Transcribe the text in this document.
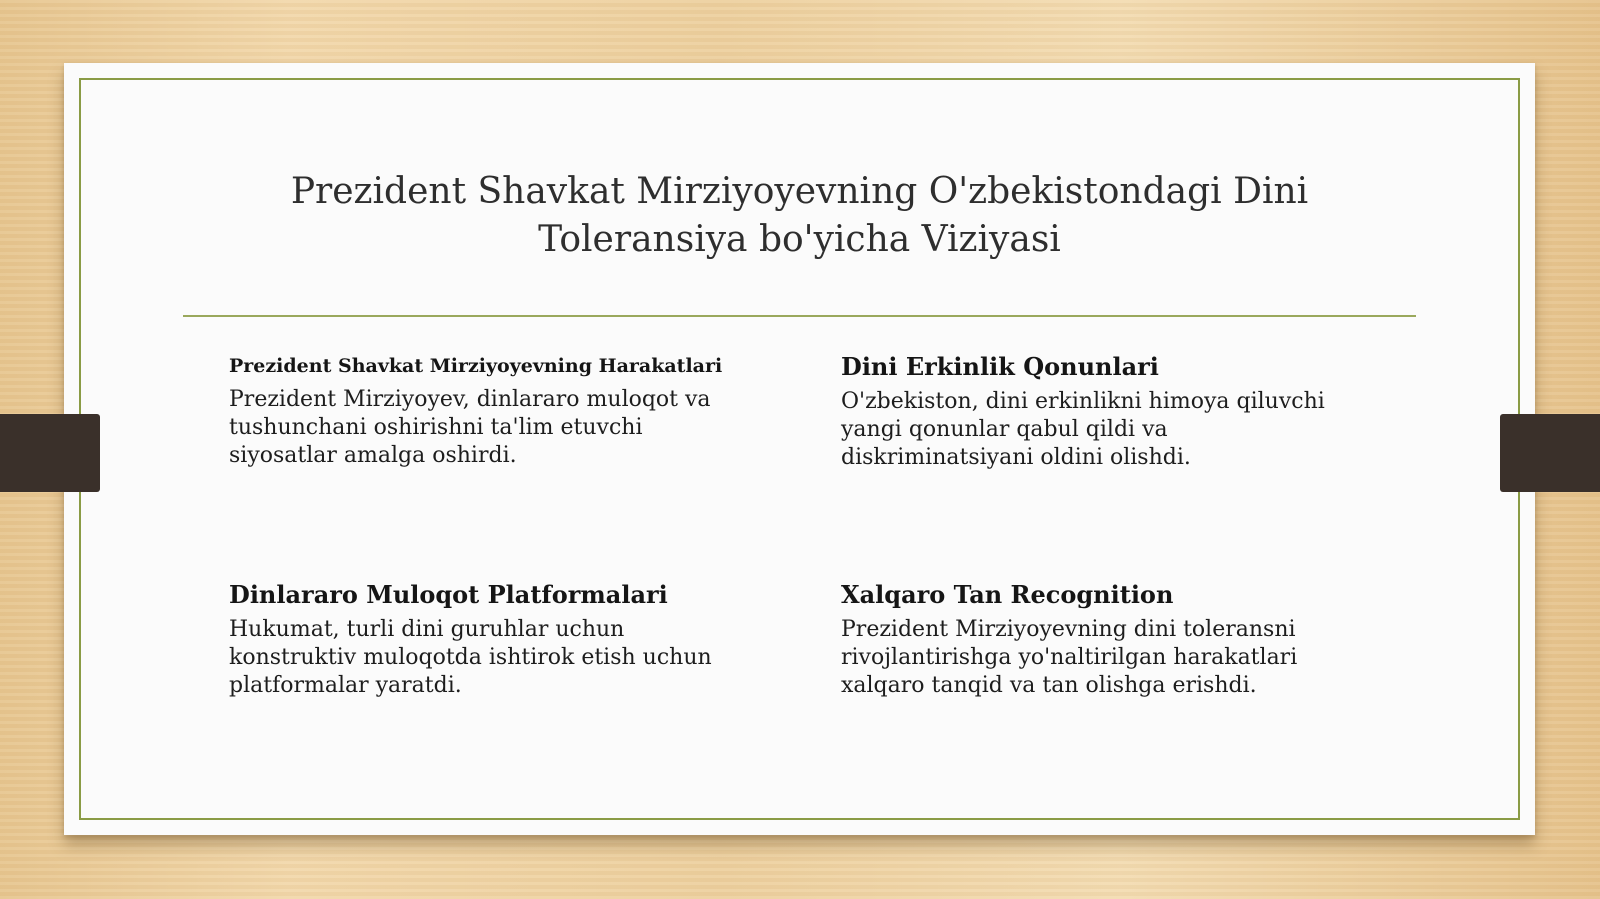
Prezident Shavkat Mirziyoyevning O'zbekistondagi Dini Toleransiya bo'yicha Viziyasi
Prezident Shavkat Mirziyoyevning Harakatlari

Prezident Mirziyoyev, dinlararo muloqot va tushunchani oshirishni ta'lim etuvchi siyosatlar amalga oshirdi.

Dini Erkinlik Qonunlari

O'zbekiston, dini erkinlikni himoya qiluvchi yangi qonunlar qabul qildi va diskriminatsiyani oldini olishdi.

Dinlararo Muloqot Platformalari

Hukumat, turli dini guruhlar uchun konstruktiv muloqotda ishtirok etish uchun platformalar yaratdi.

Xalqaro Tan Recognition

Prezident Mirziyoyevning dini toleransni rivojlantirishga yo'naltirilgan harakatlari xalqaro tanqid va tan olishga erishdi.
